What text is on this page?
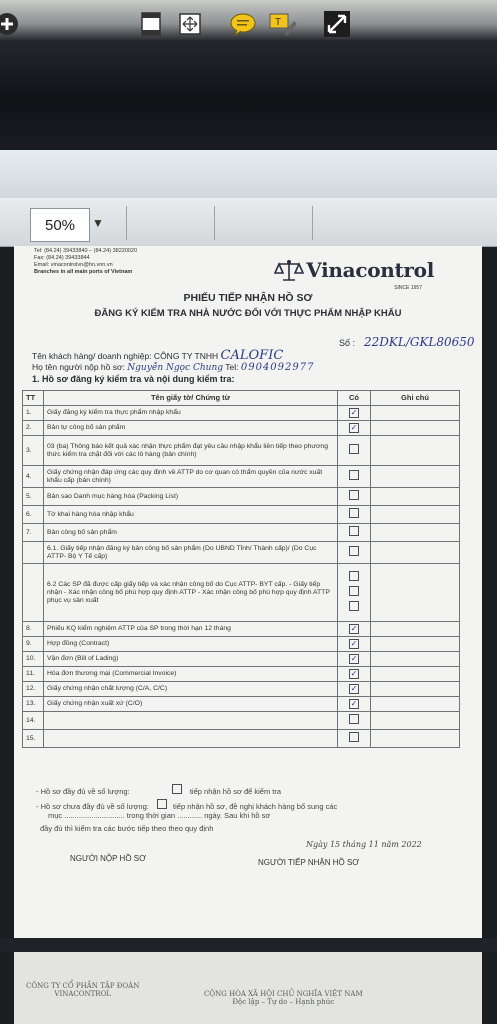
50%	▼
T
Tel: (84.24) 39433840 – (84.24) 38220020
Fax: (84.24) 39433844
Email: vinacontrolvn@hn.vnn.vn
Branches in all main ports of Vietnam	Vinacontrol
SINCE 1957
PHIẾU TIẾP NHẬN HỒ SƠ
ĐĂNG KÝ KIỂM TRA NHÀ NƯỚC ĐỐI VỚI THỰC PHẨM NHẬP KHẨU
Số : 22DKL/GKL80650
Tên khách hàng/ doanh nghiệp: CÔNG TY TNHH CALOFIC
Họ tên người nộp hồ sơ: Nguyễn Ngọc Chung Tel: 0904092977
1. Hồ sơ đăng ký kiểm tra và nội dung kiểm tra:
TT	Tên giấy tờ/ Chứng từ	Có	Ghi chú
1.	Giấy đăng ký kiểm tra thực phẩm nhập khẩu	✓	
2.	Bản tự công bố sản phẩm	✓	
3.	03 (ba) Thông báo kết quả xác nhận thực phẩm đạt yêu cầu nhập khẩu liên tiếp theo phương thức kiểm tra chặt đối với các lô hàng (bản chính)		
4.	Giấy chứng nhận đáp ứng các quy định về ATTP do cơ quan có thẩm quyền của nước xuất khẩu cấp (bản chính)		
5.	Bản sao Danh mục hàng hóa (Packing List)		
6.	Tờ khai hàng hóa nhập khẩu		
7.	Bản công bố sản phẩm		
	6.1. Giấy tiếp nhận đăng ký bản công bố sản phẩm (Do UBND Tỉnh/ Thành cấp)/ (Do Cục ATTP- Bộ Y Tế cấp)		
	6.2 Các SP đã được cấp giấy tiếp và xác nhận công bố do Cục ATTP- BYT cấp. - Giấy tiếp nhận - Xác nhận công bố phù hợp quy định ATTP - Xác nhận công bố phù hợp quy định ATTP phục vụ sản xuất	

8.	Phiếu KQ kiểm nghiệm ATTP của SP trong thời hạn 12 tháng	✓	
9.	Hợp đồng (Contract)	✓	
10.	Vận đơn (Bill of Lading)	✓	
11.	Hóa đơn thương mại (Commercial Invoice)	✓	
12.	Giấy chứng nhận chất lượng (C/A, C/C)	✓	
13.	Giấy chứng nhận xuất xứ (C/O)	✓	
14.			
15.			
- Hồ sơ đầy đủ về số lượng:	tiếp nhận hồ sơ để kiểm tra
- Hồ sơ chưa đầy đủ về số lượng:	tiếp nhận hồ sơ, đề nghị khách hàng bổ sung các
mục ............................. trong thời gian ............ ngày. Sau khi hồ sơ
đầy đủ thì kiểm tra các bước tiếp theo theo quy định
Ngày 15 tháng 11 năm 2022
NGƯỜI NỘP HỒ SƠ	NGƯỜI TIẾP NHẬN HỒ SƠ
CÔNG TY CỔ PHẦN TẬP ĐOÀN
VINACONTROL	CỘNG HÒA XÃ HỘI CHỦ NGHĨA VIỆT NAM
Độc lập – Tự do – Hạnh phúc
